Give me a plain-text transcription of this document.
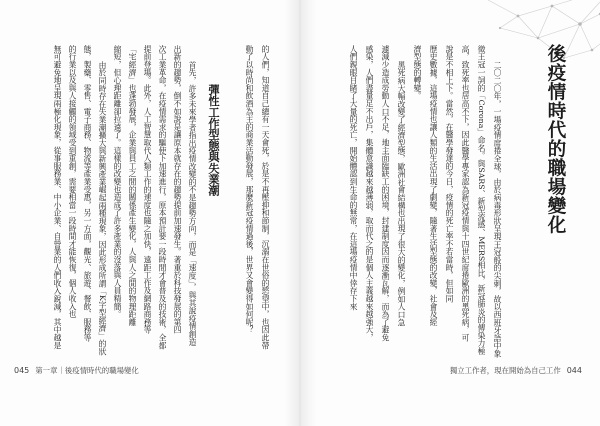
後疫情時代的職場變化
二〇二〇年，一場疫情席捲全球，由於病毒形狀呈現王冠般的尖刺，故以西班牙語中象
徵王冠一詞的「Corona」命名。與SARS、新型流感、MERS相比，新冠肺炎的傳染力極
高，致死率也居高不下，因此醫學專家認為新冠疫情與十四世紀席捲歐洲的黑死病，可
說是不相上下。當然，在醫學發達的今日，疫情的死亡率不若當時，但如同
歷史數據，這場疫情也讓人類的生活出現了劇變，隨著生活型態的改變，社會及經
濟型態的轉變。
黑死病大幅改變了經濟型態，歐洲社會結構也出現了很大的變化，例如人口急
遽減少造成勞動人口不足，地主面臨缺工的困境，封建制度因而逐漸瓦解，而為了避免
感染，人們盡量足不出戶，集體意識越來越薄弱，取而代之的是個人主義越來越強大，
人們親眼目睹了大量的死亡，開始體認到生命的無常，在這場疫情中倖存下來
獨立工作者，現在開始為自己工作 044
的人們，知道自己總有一天會死，於是不再壓抑和節制，沉溺在世俗的慾望中，也因此帶
動了以時尚和飲酒為主的商業活動發展，那麼新冠疫情過後，世界又會變得如何呢？
彈性工作型態與失業潮
首先，許多未來學者指出疫情改變的不是趨勢方向，而是「速度」，與其說疫情創造
出新的趨勢，倒不如說是讓原本就存在的趨勢提前加速發生。著重於科技發展的第四
次工業革命，在疫情需求的驅使下加速進行，原本預計要一段時間才會普及的技術，全都
提前登場。此外，人工智慧取代人類工作的速度也隨之加快，遠距工作及網路商務等
「宅經濟」也蓬勃發展，企業與員工之間的關係產生變化，人與人之間的物理距離
縮短，但心理距離卻拉遠了。這樣的改變也造成了許多產業的沒落與人員精簡。
由於同時存在失業潮擴大與新興產業崛起兩種現象，因此形成所謂「K字型經濟」的狀
態，製藥、零售、電子商務、物流等產業受惠，另一方面，觀光、旅遊、餐飲、服務等
的行業以及與人接觸的領域受到重創，需要相當一段時間才能恢復，個人收入也
無可避免地呈現兩極化現象，從事服務業、中小企業、自營業的人們收入銳減，其中越是
045 第一章｜後疫情時代的職場變化
